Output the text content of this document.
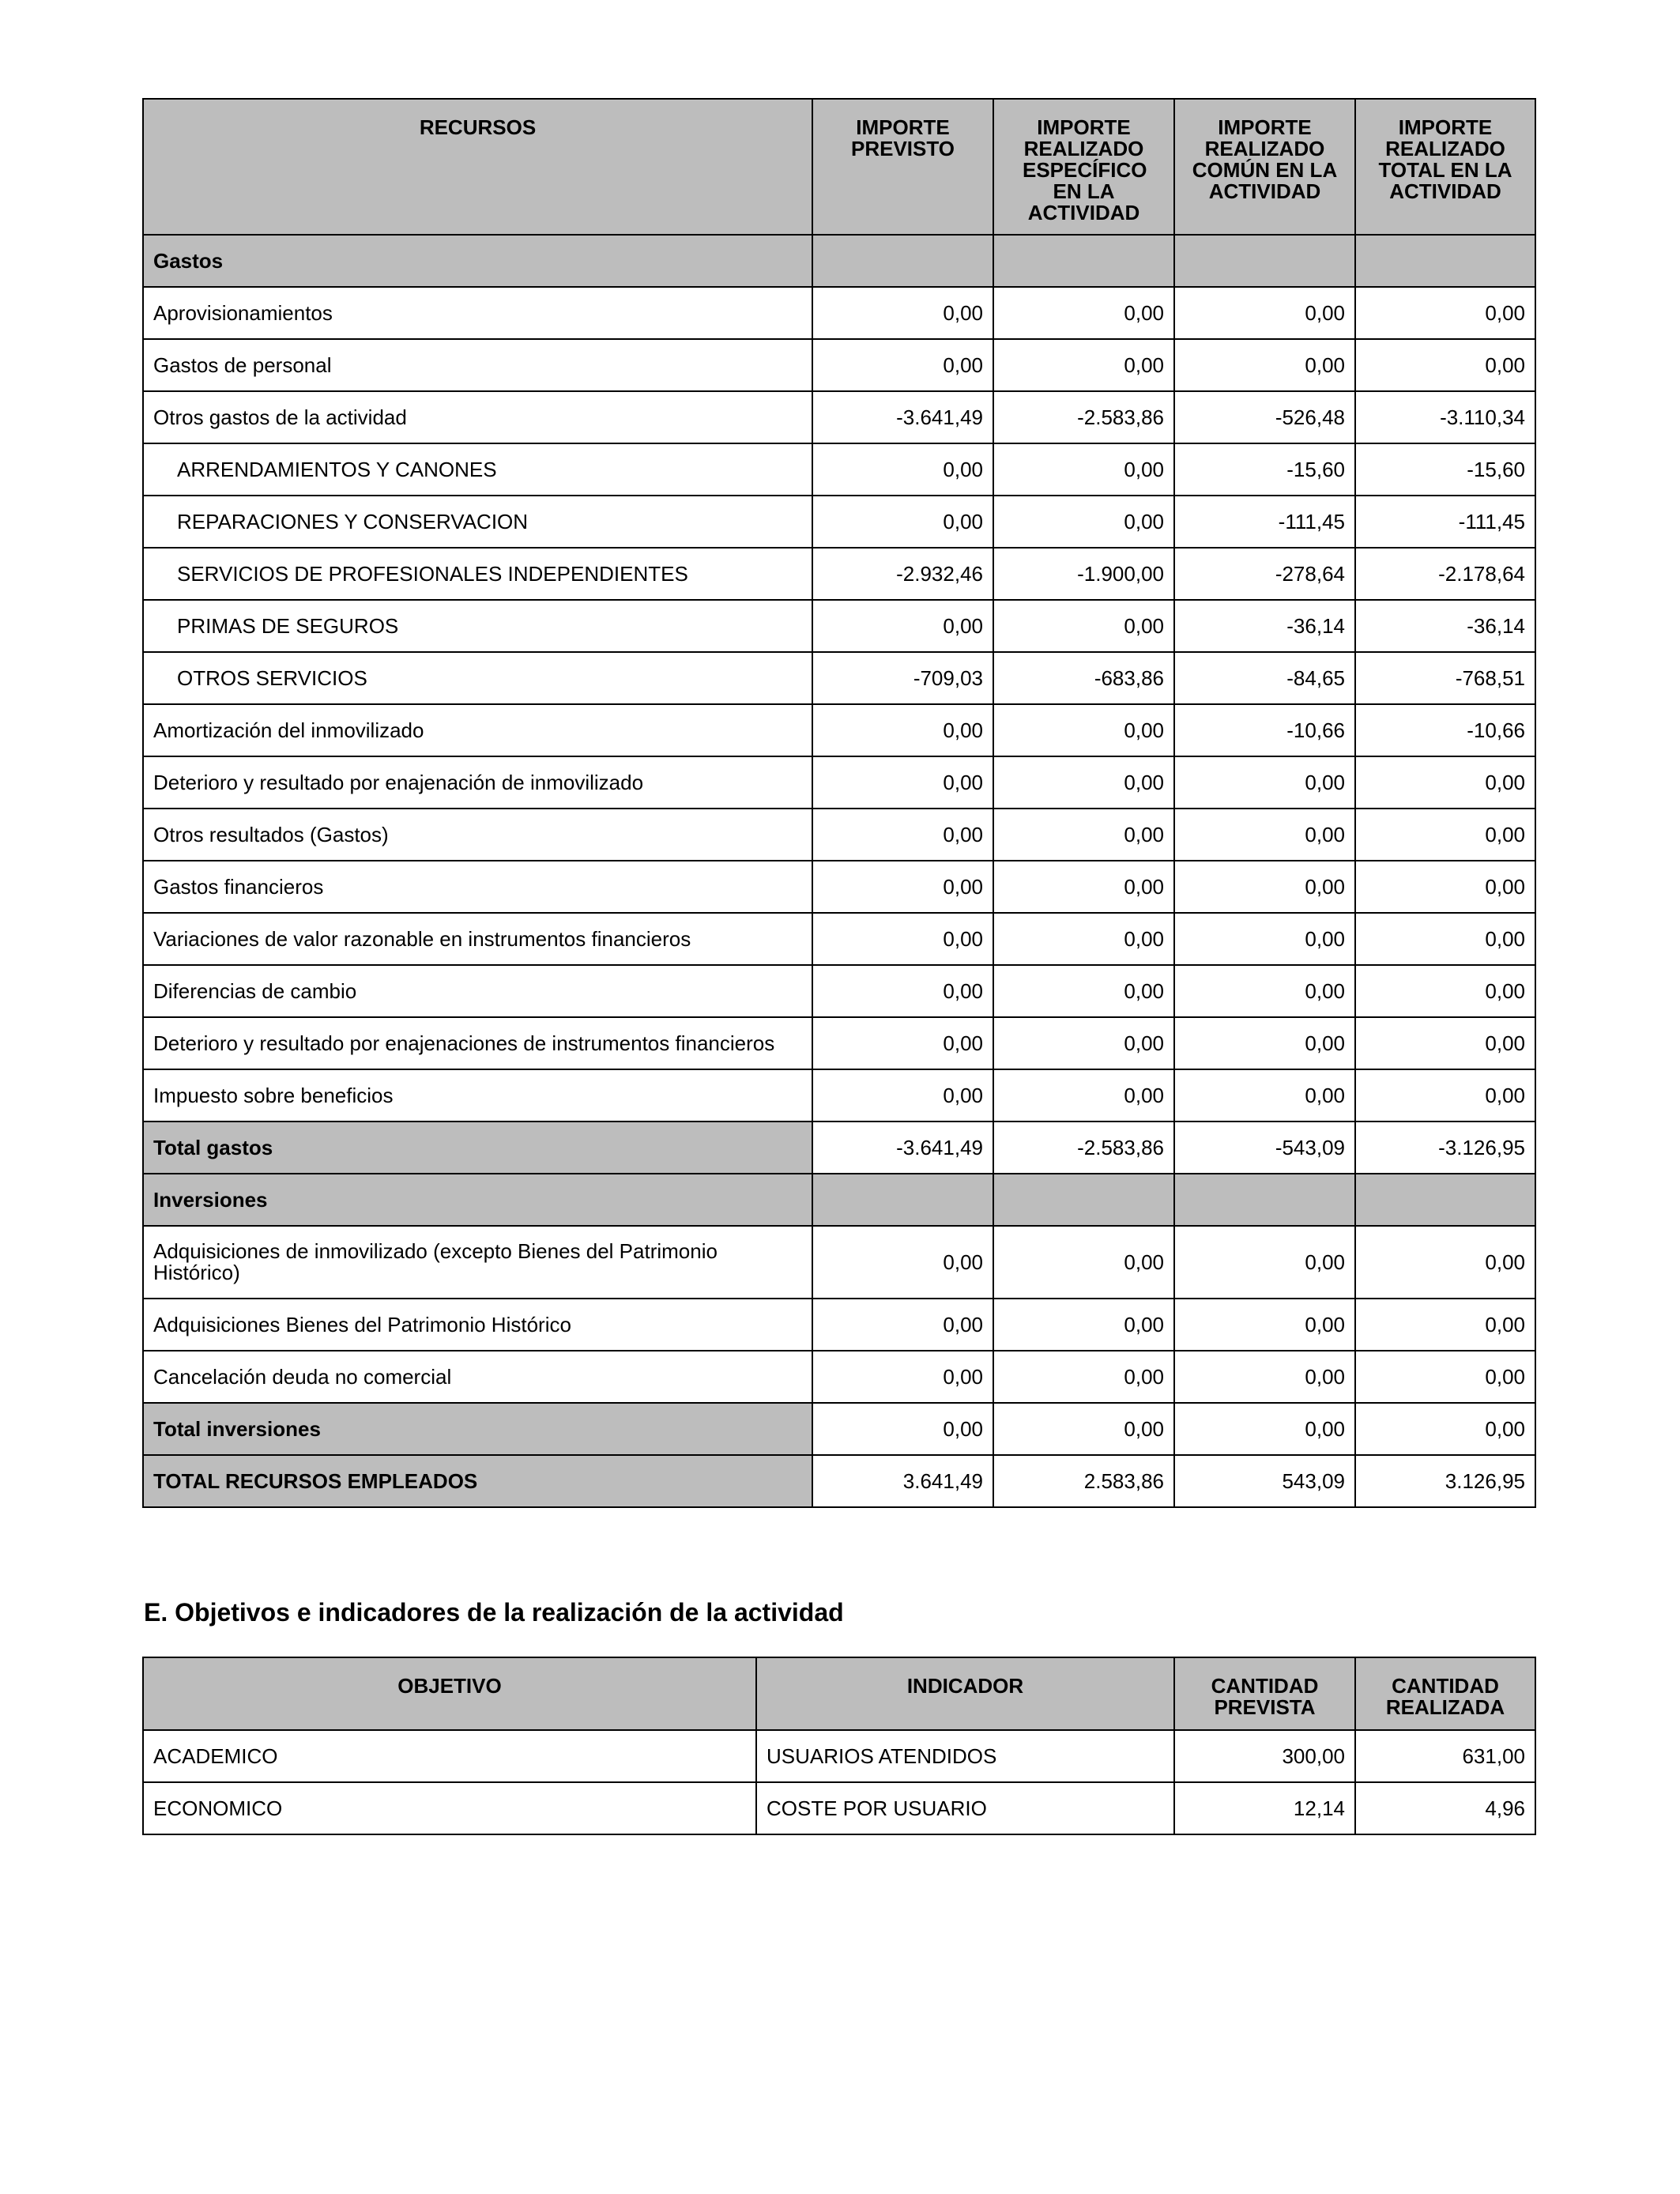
RECURSOS	IMPORTE PREVISTO	IMPORTE REALIZADO ESPECÍFICO EN LA ACTIVIDAD	IMPORTE REALIZADO COMÚN EN LA ACTIVIDAD	IMPORTE REALIZADO TOTAL EN LA ACTIVIDAD
Gastos				
Aprovisionamientos	0,00	0,00	0,00	0,00
Gastos de personal	0,00	0,00	0,00	0,00
Otros gastos de la actividad	-3.641,49	-2.583,86	-526,48	-3.110,34
ARRENDAMIENTOS Y CANONES	0,00	0,00	-15,60	-15,60
REPARACIONES Y CONSERVACION	0,00	0,00	-111,45	-111,45
SERVICIOS DE PROFESIONALES INDEPENDIENTES	-2.932,46	-1.900,00	-278,64	-2.178,64
PRIMAS DE SEGUROS	0,00	0,00	-36,14	-36,14
OTROS SERVICIOS	-709,03	-683,86	-84,65	-768,51
Amortización del inmovilizado	0,00	0,00	-10,66	-10,66
Deterioro y resultado por enajenación de inmovilizado	0,00	0,00	0,00	0,00
Otros resultados (Gastos)	0,00	0,00	0,00	0,00
Gastos financieros	0,00	0,00	0,00	0,00
Variaciones de valor razonable en instrumentos financieros	0,00	0,00	0,00	0,00
Diferencias de cambio	0,00	0,00	0,00	0,00
Deterioro y resultado por enajenaciones de instrumentos financieros	0,00	0,00	0,00	0,00
Impuesto sobre beneficios	0,00	0,00	0,00	0,00
Total gastos	-3.641,49	-2.583,86	-543,09	-3.126,95
Inversiones				

Adquisiciones de inmovilizado (excepto Bienes del Patrimonio Histórico)	0,00	0,00	0,00	0,00
Adquisiciones Bienes del Patrimonio Histórico	0,00	0,00	0,00	0,00
Cancelación deuda no comercial	0,00	0,00	0,00	0,00
Total inversiones	0,00	0,00	0,00	0,00
TOTAL RECURSOS EMPLEADOS	3.641,49	2.583,86	543,09	3.126,95
E. Objetivos e indicadores de la realización de la actividad
OBJETIVO	INDICADOR	CANTIDAD PREVISTA	CANTIDAD REALIZADA
ACADEMICO	USUARIOS ATENDIDOS	300,00	631,00
ECONOMICO	COSTE POR USUARIO	12,14	4,96
